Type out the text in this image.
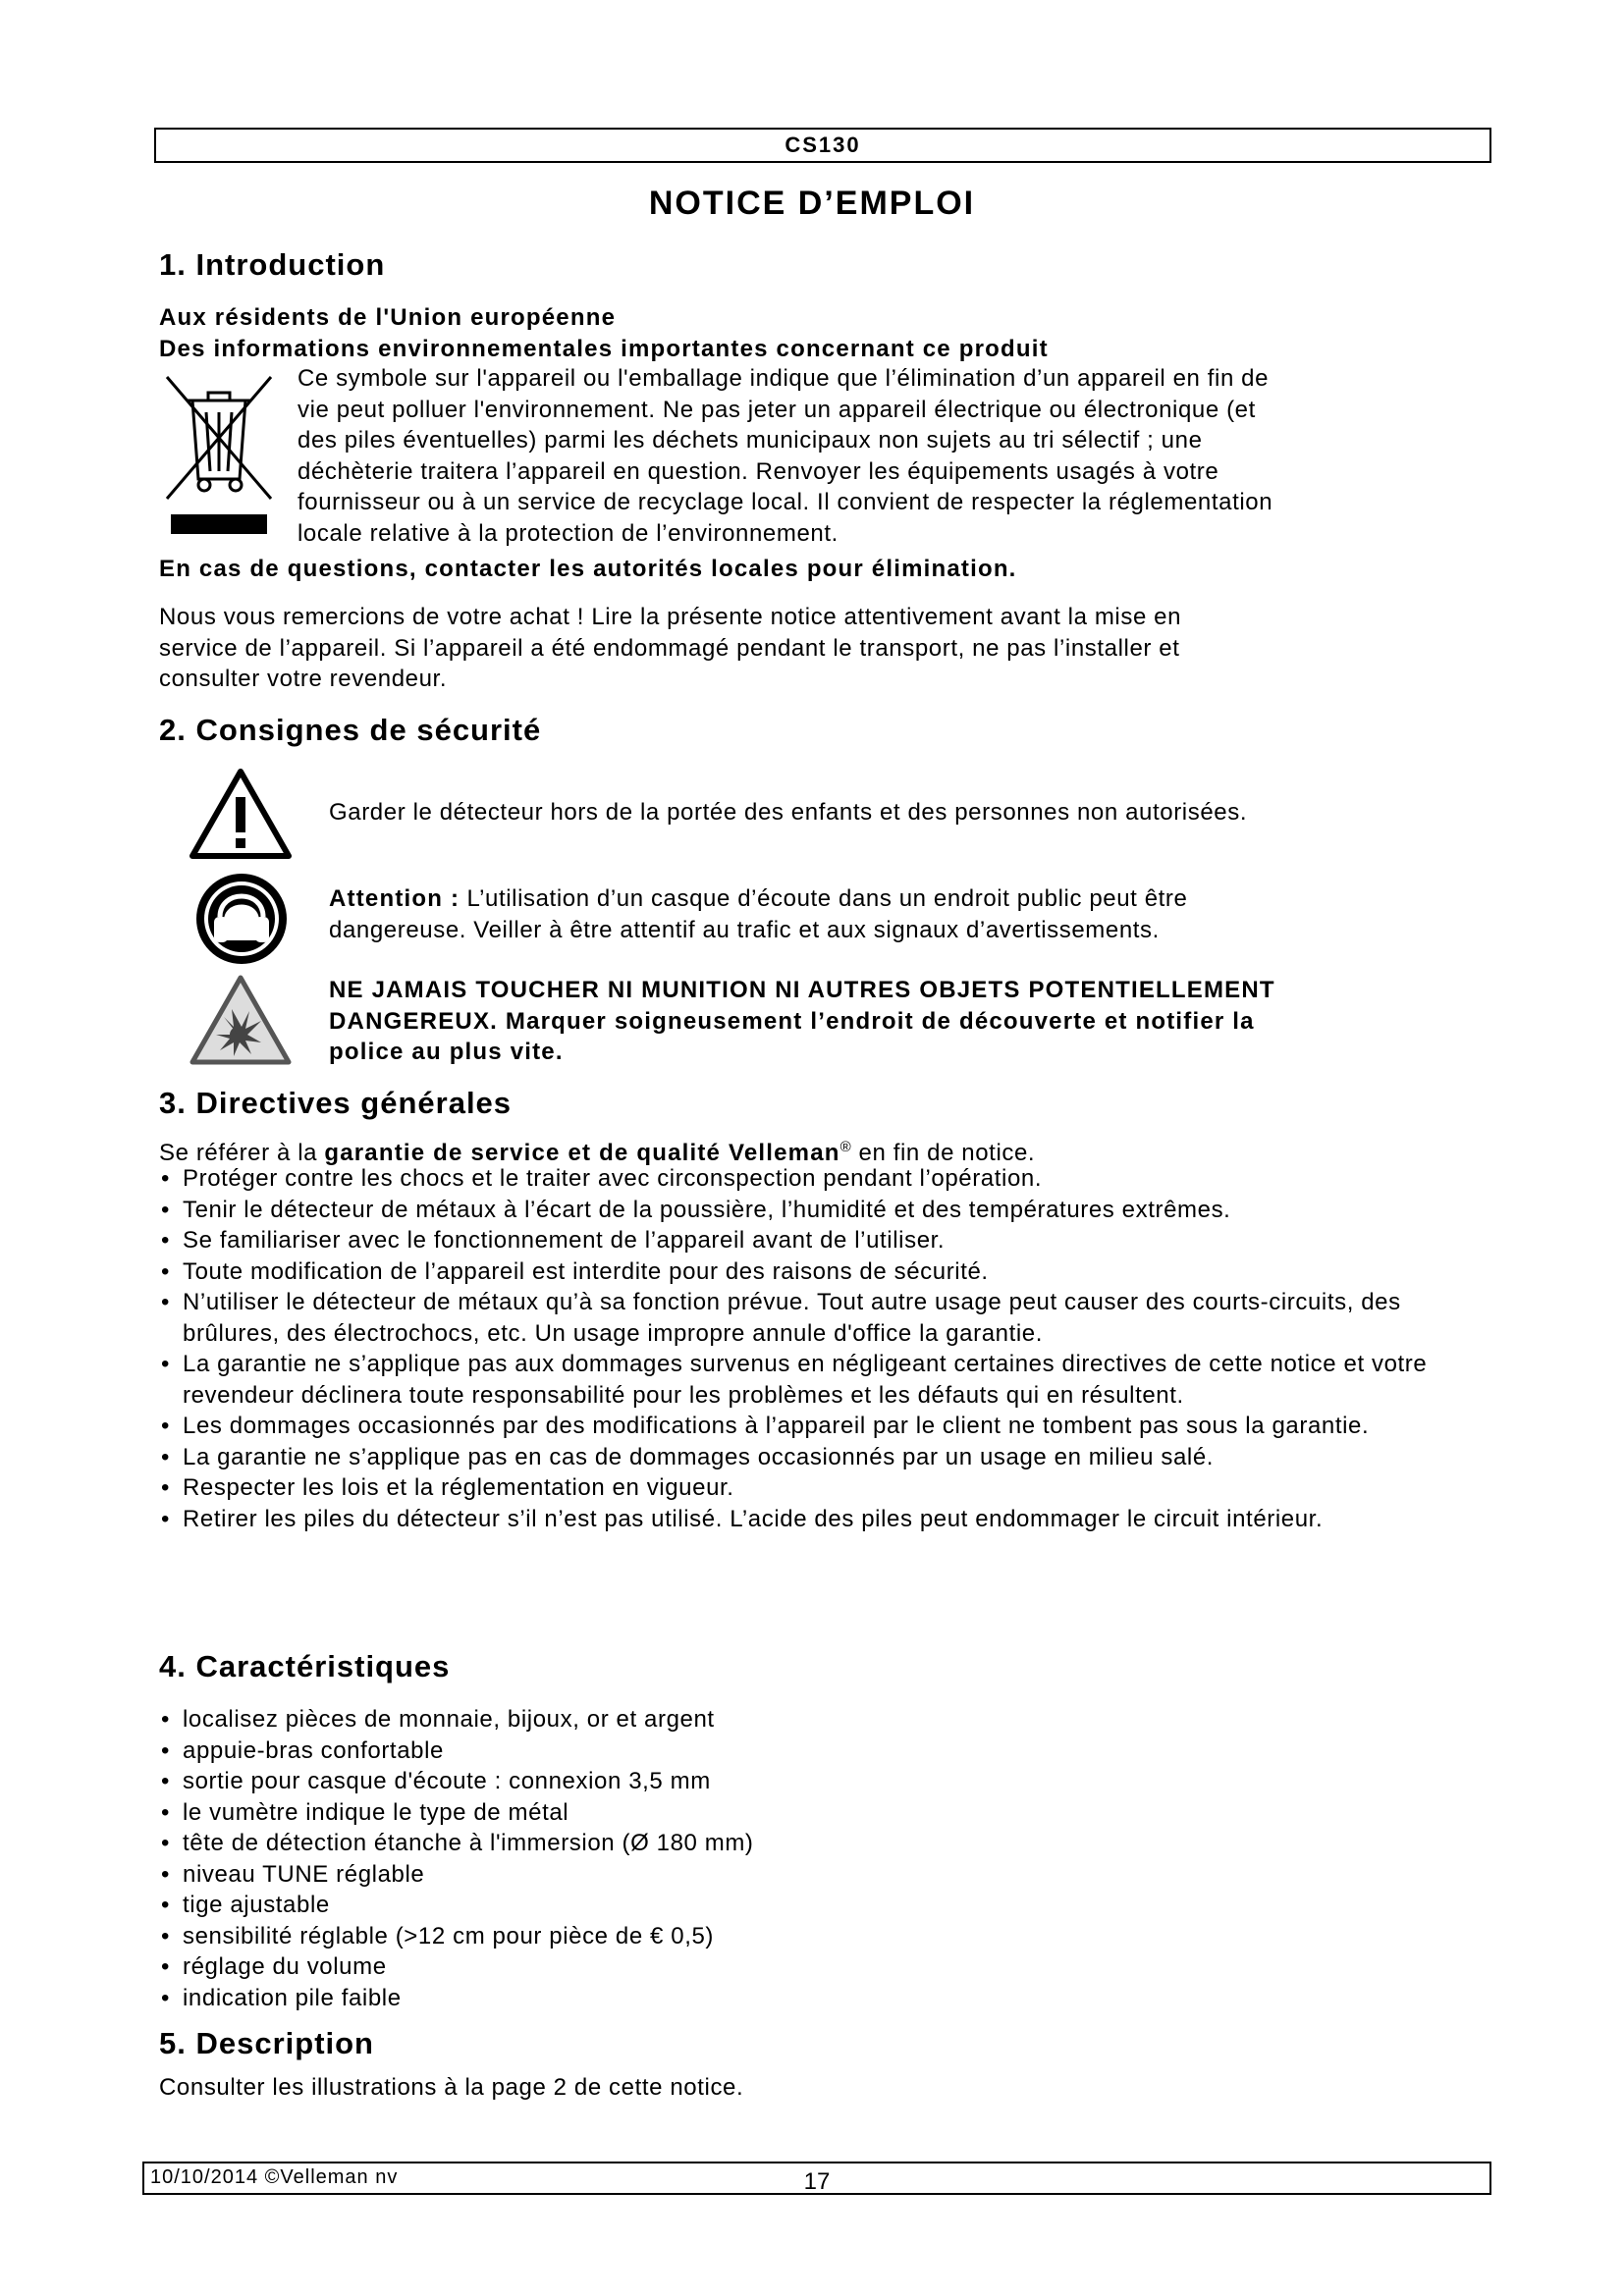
CS130
NOTICE D’EMPLOI
1. Introduction
Aux résidents de l'Union européenne
Des informations environnementales importantes concernant ce produit
Ce symbole sur l'appareil ou l'emballage indique que l’élimination d’un appareil en fin de
vie peut polluer l'environnement. Ne pas jeter un appareil électrique ou électronique (et
des piles éventuelles) parmi les déchets municipaux non sujets au tri sélectif ; une
déchèterie traitera l’appareil en question. Renvoyer les équipements usagés à votre
fournisseur ou à un service de recyclage local. Il convient de respecter la réglementation
locale relative à la protection de l’environnement.
En cas de questions, contacter les autorités locales pour élimination.
Nous vous remercions de votre achat ! Lire la présente notice attentivement avant la mise en
service de l’appareil. Si l’appareil a été endommagé pendant le transport, ne pas l’installer et
consulter votre revendeur.
2. Consignes de sécurité
Garder le détecteur hors de la portée des enfants et des personnes non autorisées.
Attention : L’utilisation d’un casque d’écoute dans un endroit public peut être
dangereuse. Veiller à être attentif au trafic et aux signaux d’avertissements.
NE JAMAIS TOUCHER NI MUNITION NI AUTRES OBJETS POTENTIELLEMENT
DANGEREUX. Marquer soigneusement l’endroit de découverte et notifier la
police au plus vite.
3. Directives générales
Se référer à la garantie de service et de qualité Velleman® en fin de notice.
• Protéger contre les chocs et le traiter avec circonspection pendant l’opération.
• Tenir le détecteur de métaux à l’écart de la poussière, l’humidité et des températures extrêmes.
• Se familiariser avec le fonctionnement de l’appareil avant de l’utiliser.
• Toute modification de l’appareil est interdite pour des raisons de sécurité.
• N’utiliser le détecteur de métaux qu’à sa fonction prévue. Tout autre usage peut causer des courts-circuits, des brûlures, des électrochocs, etc. Un usage impropre annule d'office la garantie.
• La garantie ne s’applique pas aux dommages survenus en négligeant certaines directives de cette notice et votre revendeur déclinera toute responsabilité pour les problèmes et les défauts qui en résultent.
• Les dommages occasionnés par des modifications à l’appareil par le client ne tombent pas sous la garantie.
• La garantie ne s’applique pas en cas de dommages occasionnés par un usage en milieu salé.
• Respecter les lois et la réglementation en vigueur.
• Retirer les piles du détecteur s’il n’est pas utilisé. L’acide des piles peut endommager le circuit intérieur.
4. Caractéristiques
• localisez pièces de monnaie, bijoux, or et argent
• appuie-bras confortable
• sortie pour casque d'écoute : connexion 3,5 mm
• le vumètre indique le type de métal
• tête de détection étanche à l'immersion (Ø 180 mm)
• niveau TUNE réglable
• tige ajustable
• sensibilité réglable (>12 cm pour pièce de € 0,5)
• réglage du volume
• indication pile faible
5. Description
Consulter les illustrations à la page 2 de cette notice.
10/10/2014 ©Velleman nv	17
